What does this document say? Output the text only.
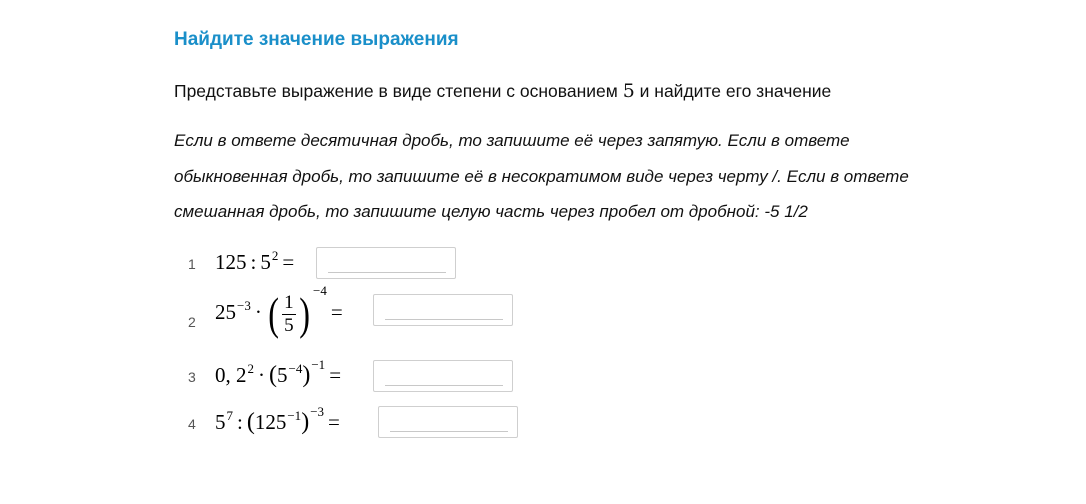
Найдите значение выражения
Представьте выражение в виде степени с основанием 5 и найдите его значение
Если в ответе десятичная дробь, то запишите её через запятую. Если в ответе
обыкновенная дробь, то запишите её в несократимом виде через черту /. Если в ответе
смешанная дробь, то запишите целую часть через пробел от дробной: -5 1/2
1 125 : $5^2$ =
2 $25^{-3}$ · ( $\frac{1}{5}$ ) $^{-4}$=
3 0, $2^2 \cdot (5^{-4})^{-1}$ =
4 $5^7$ : $(125^{-1})^{-3}$ =
